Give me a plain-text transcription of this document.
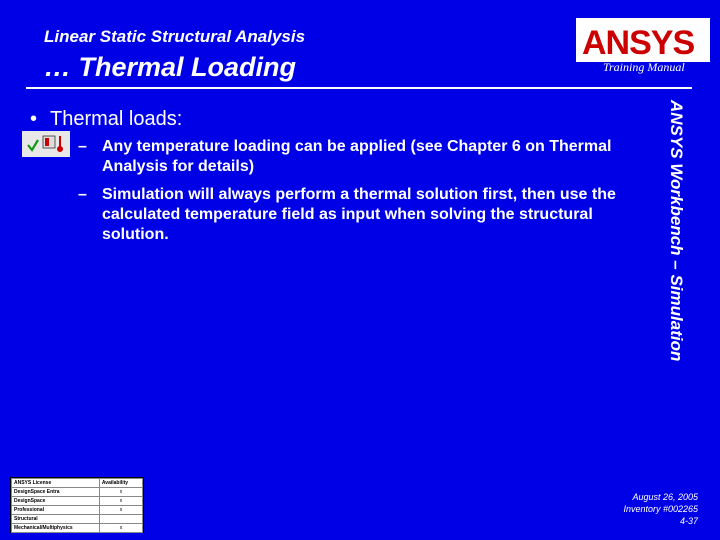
Linear Static Structural Analysis
… Thermal Loading
ANSYS
Training Manual
ANSYS Workbench – Simulation
• Thermal loads:
– Any temperature loading can be applied (see Chapter 6 on Thermal Analysis for details)
– Simulation will always perform a thermal solution first, then use the calculated temperature field as input when solving the structural solution.
ANSYS License	Availability
DesignSpace Entra	x
DesignSpace	x
Professional	x
Structural	
Mechanical/Multiphysics	x
August 26, 2005
Inventory #002265
4-37
